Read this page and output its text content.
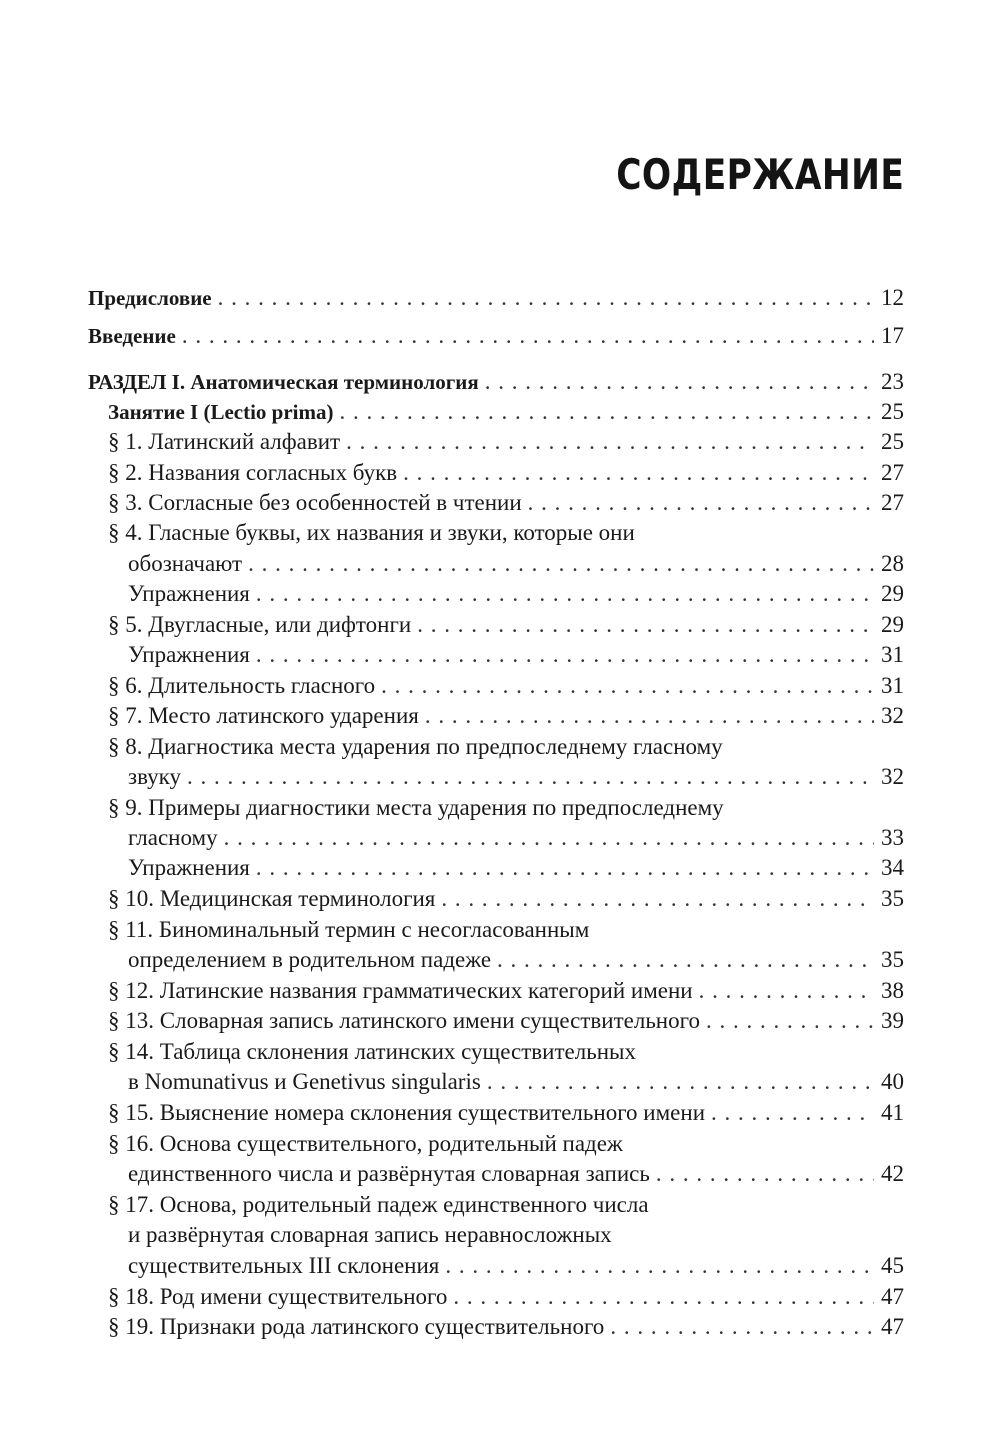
СОДЕРЖАНИЕ
Предисловие . . .	12
Введение . . .	17
РАЗДЕЛ I. Анатомическая терминология . . .	23
Занятие I (Lectio prima) . . .	25
§ 1. Латинский алфавит . . .	25
§ 2. Названия согласных букв . . .	27
§ 3. Согласные без особенностей в чтении . . .	27
§ 4. Гласные буквы, их названия и звуки, которые они
обозначают . . .	28
Упражнения . . .	29
§ 5. Двугласные, или дифтонги . . .	29
Упражнения . . .	31
§ 6. Длительность гласного . . .	31
§ 7. Место латинского ударения . . .	32
§ 8. Диагностика места ударения по предпоследнему гласному
звуку . . .	32
§ 9. Примеры диагностики места ударения по предпоследнему
гласному . . .	33
Упражнения . . .	34
§ 10. Медицинская терминология . . .	35
§ 11. Биноминальный термин с несогласованным
определением в родительном падеже . . .	35
§ 12. Латинские названия грамматических категорий имени . . .	38
§ 13. Словарная запись латинского имени существительного . . .	39
§ 14. Таблица склонения латинских существительных
в Nomunativus и Genetivus singularis . . .	40
§ 15. Выяснение номера склонения существительного имени . . .	41
§ 16. Основа существительного, родительный падеж
единственного числа и развёрнутая словарная запись . . .	42
§ 17. Основа, родительный падеж единственного числа
и развёрнутая словарная запись неравносложных
существительных III склонения . . .	45
§ 18. Род имени существительного . . .	47
§ 19. Признаки рода латинского существительного . . .	47
